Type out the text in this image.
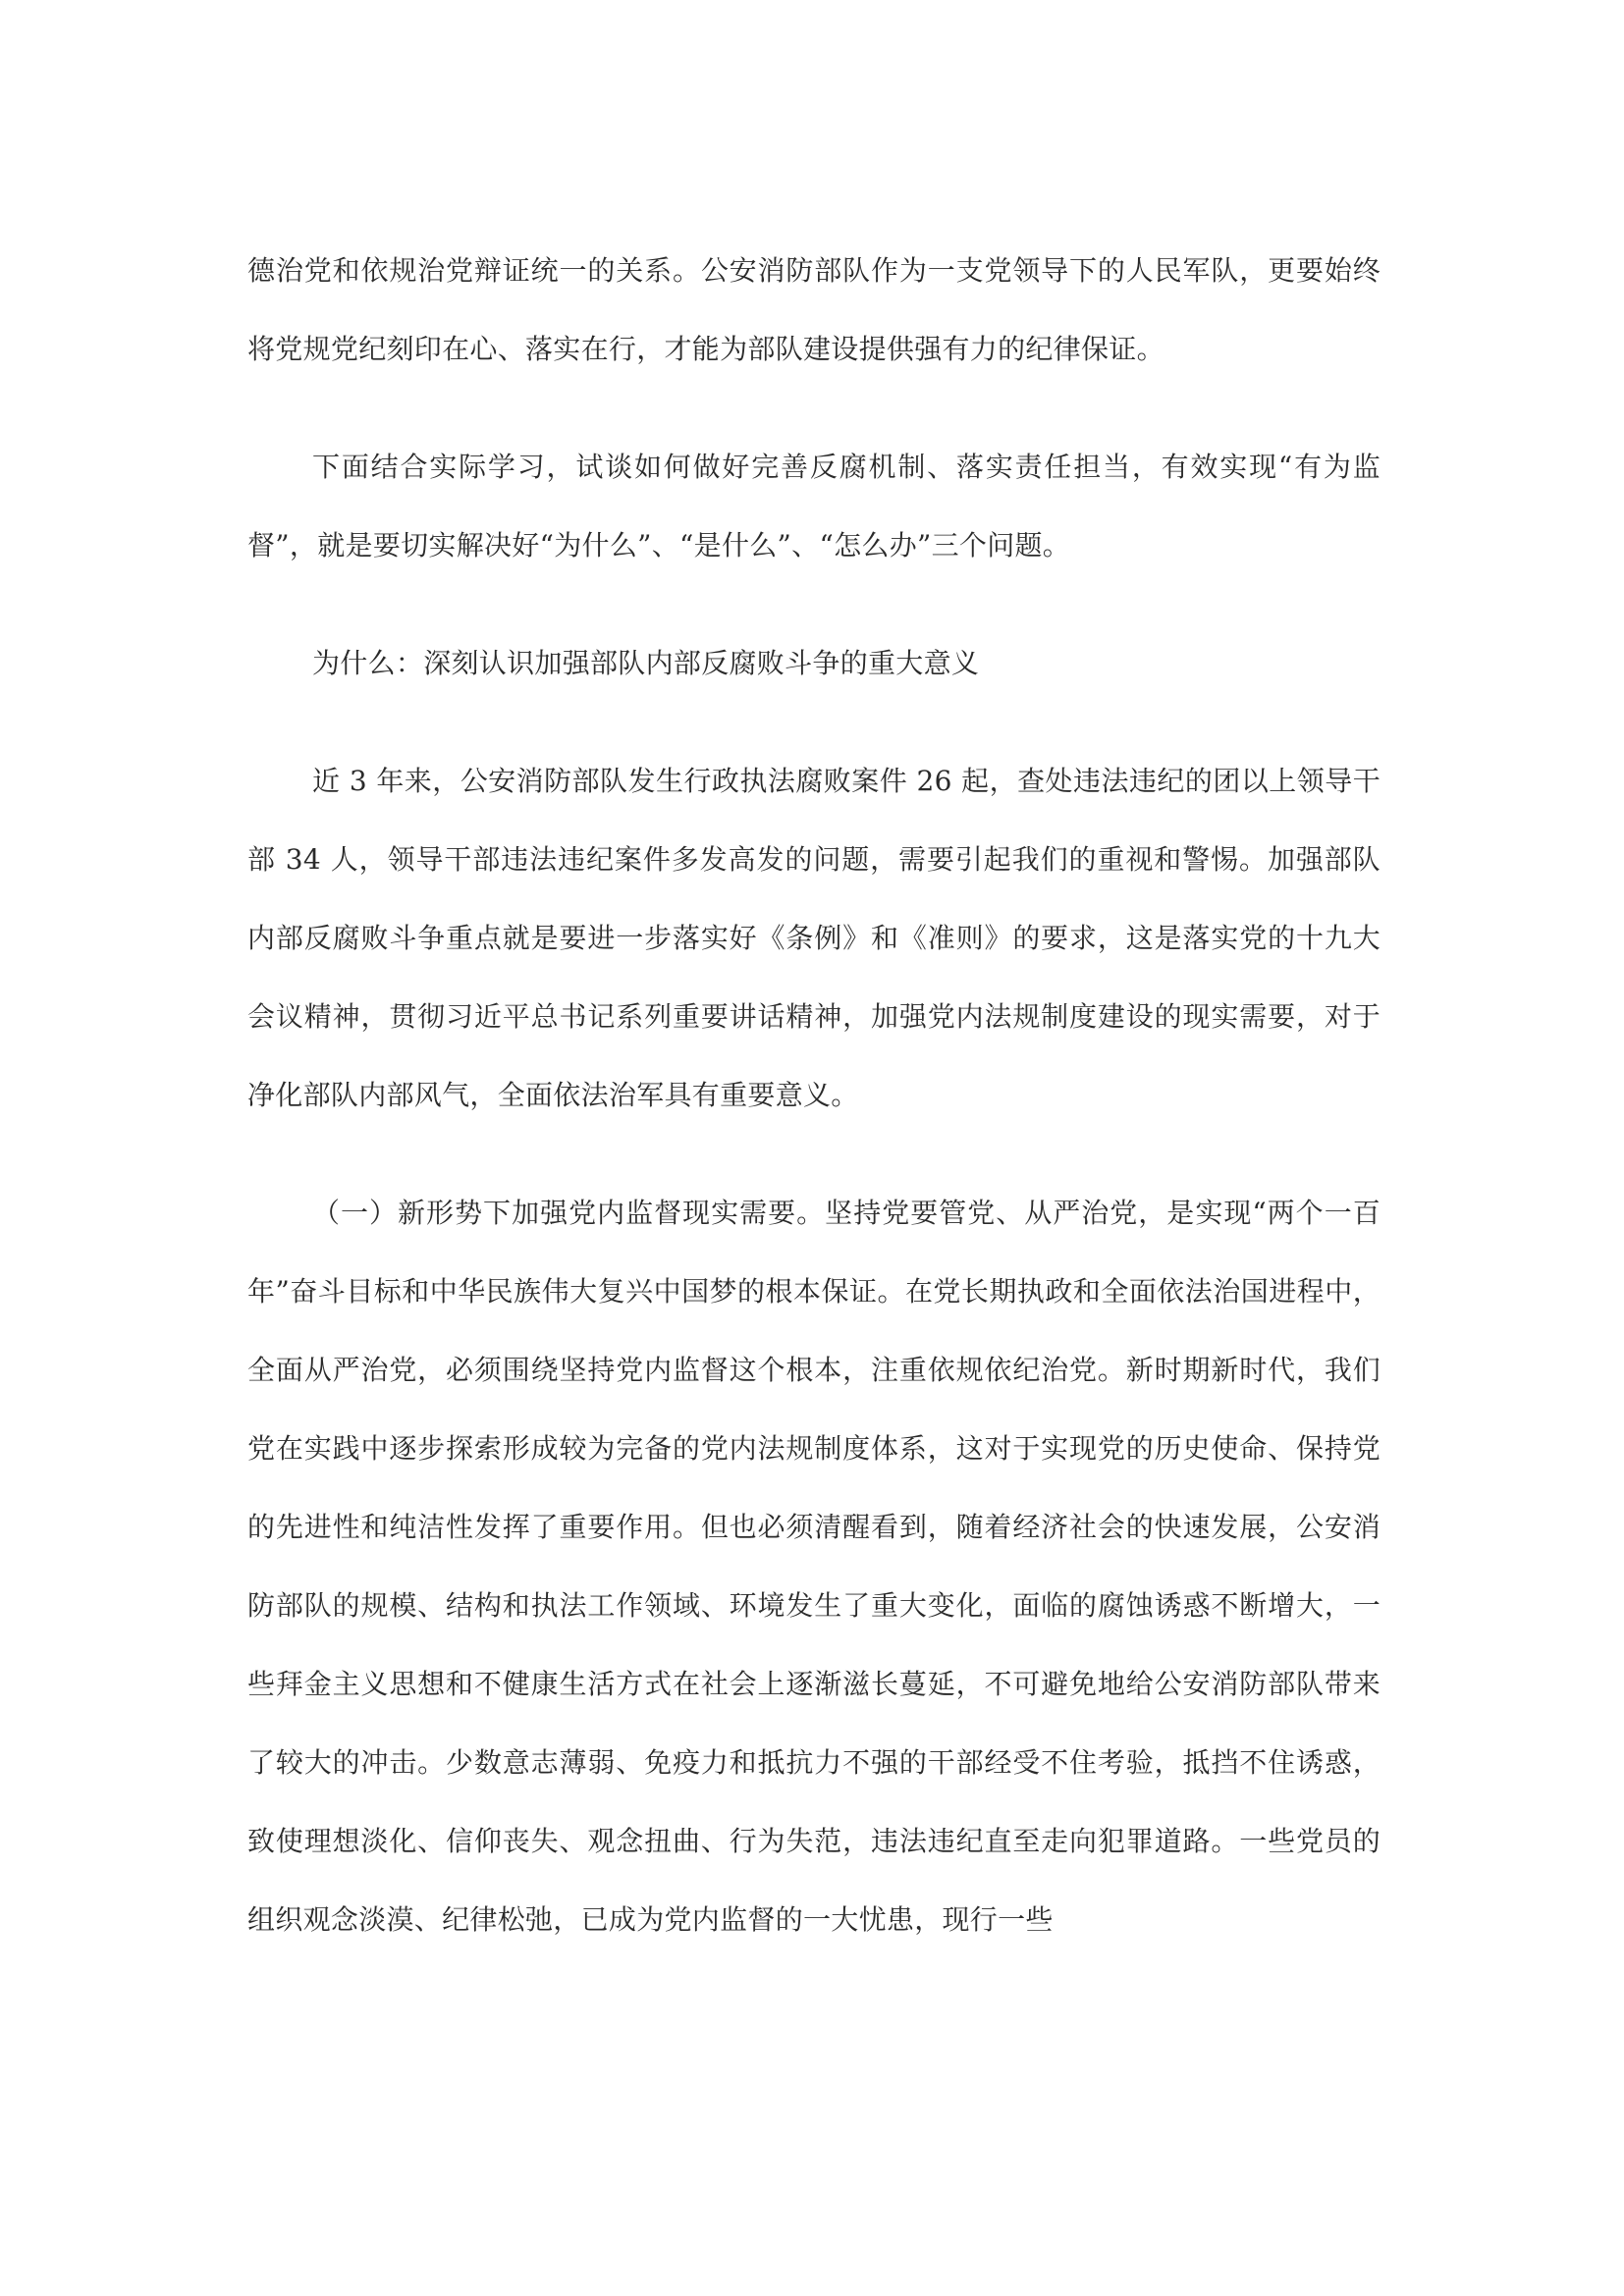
德治党和依规治党辩证统一的关系。公安消防部队作为一支党领导下的人民军队，更要始终将党规党纪刻印在心、落实在行，才能为部队建设提供强有力的纪律保证。

下面结合实际学习，试谈如何做好完善反腐机制、落实责任担当，有效实现“有为监督”，就是要切实解决好“为什么”、“是什么”、“怎么办”三个问题。

为什么：深刻认识加强部队内部反腐败斗争的重大意义

近 3 年来，公安消防部队发生行政执法腐败案件 26 起，查处违法违纪的团以上领导干部 34 人，领导干部违法违纪案件多发高发的问题，需要引起我们的重视和警惕。加强部队内部反腐败斗争重点就是要进一步落实好《条例》和《准则》的要求，这是落实党的十九大会议精神，贯彻习近平总书记系列重要讲话精神，加强党内法规制度建设的现实需要，对于净化部队内部风气，全面依法治军具有重要意义。

（一）新形势下加强党内监督现实需要。坚持党要管党、从严治党，是实现“两个一百年”奋斗目标和中华民族伟大复兴中国梦的根本保证。在党长期执政和全面依法治国进程中，全面从严治党，必须围绕坚持党内监督这个根本，注重依规依纪治党。新时期新时代，我们党在实践中逐步探索形成较为完备的党内法规制度体系，这对于实现党的历史使命、保持党的先进性和纯洁性发挥了重要作用。但也必须清醒看到，随着经济社会的快速发展，公安消防部队的规模、结构和执法工作领域、环境发生了重大变化，面临的腐蚀诱惑不断增大，一些拜金主义思想和不健康生活方式在社会上逐渐滋长蔓延，不可避免地给公安消防部队带来了较大的冲击。少数意志薄弱、免疫力和抵抗力不强的干部经受不住考验，抵挡不住诱惑，致使理想淡化、信仰丧失、观念扭曲、行为失范，违法违纪直至走向犯罪道路。一些党员的组织观念淡漠、纪律松弛，已成为党内监督的一大忧患，现行一些
